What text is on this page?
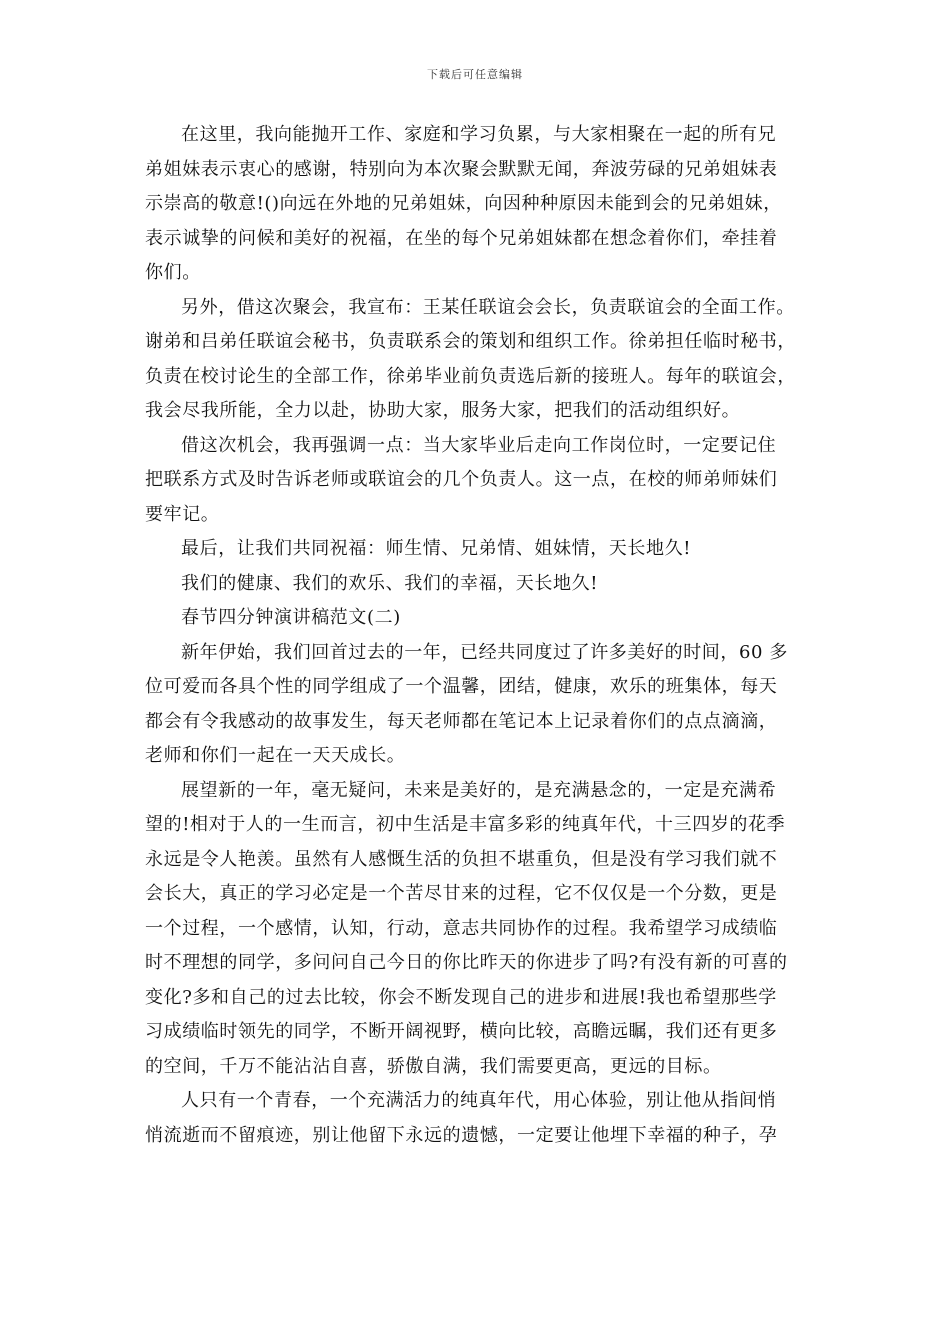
下载后可任意编辑
在这里，我向能抛开工作、家庭和学习负累，与大家相聚在一起的所有兄
弟姐妹表示衷心的感谢，特别向为本次聚会默默无闻，奔波劳碌的兄弟姐妹表
示崇高的敬意!()向远在外地的兄弟姐妹，向因种种原因未能到会的兄弟姐妹，
表示诚挚的问候和美好的祝福，在坐的每个兄弟姐妹都在想念着你们，牵挂着
你们。
另外，借这次聚会，我宣布：王某任联谊会会长，负责联谊会的全面工作。
谢弟和吕弟任联谊会秘书，负责联系会的策划和组织工作。徐弟担任临时秘书，
负责在校讨论生的全部工作，徐弟毕业前负责选后新的接班人。每年的联谊会，
我会尽我所能，全力以赴，协助大家，服务大家，把我们的活动组织好。
借这次机会，我再强调一点：当大家毕业后走向工作岗位时，一定要记住
把联系方式及时告诉老师或联谊会的几个负责人。这一点，在校的师弟师妹们
要牢记。
最后，让我们共同祝福：师生情、兄弟情、姐妹情，天长地久!
我们的健康、我们的欢乐、我们的幸福，天长地久!
春节四分钟演讲稿范文(二)
新年伊始，我们回首过去的一年，已经共同度过了许多美好的时间，60 多
位可爱而各具个性的同学组成了一个温馨，团结，健康，欢乐的班集体，每天
都会有令我感动的故事发生，每天老师都在笔记本上记录着你们的点点滴滴，
老师和你们一起在一天天成长。
展望新的一年，毫无疑问，未来是美好的，是充满悬念的，一定是充满希
望的!相对于人的一生而言，初中生活是丰富多彩的纯真年代，十三四岁的花季
永远是令人艳羡。虽然有人感慨生活的负担不堪重负，但是没有学习我们就不
会长大，真正的学习必定是一个苦尽甘来的过程，它不仅仅是一个分数，更是
一个过程，一个感情，认知，行动，意志共同协作的过程。我希望学习成绩临
时不理想的同学，多问问自己今日的你比昨天的你进步了吗?有没有新的可喜的
变化?多和自己的过去比较，你会不断发现自己的进步和进展!我也希望那些学
习成绩临时领先的同学，不断开阔视野，横向比较，高瞻远瞩，我们还有更多
的空间，千万不能沾沾自喜，骄傲自满，我们需要更高，更远的目标。
人只有一个青春，一个充满活力的纯真年代，用心体验，别让他从指间悄
悄流逝而不留痕迹，别让他留下永远的遗憾，一定要让他埋下幸福的种子，孕
